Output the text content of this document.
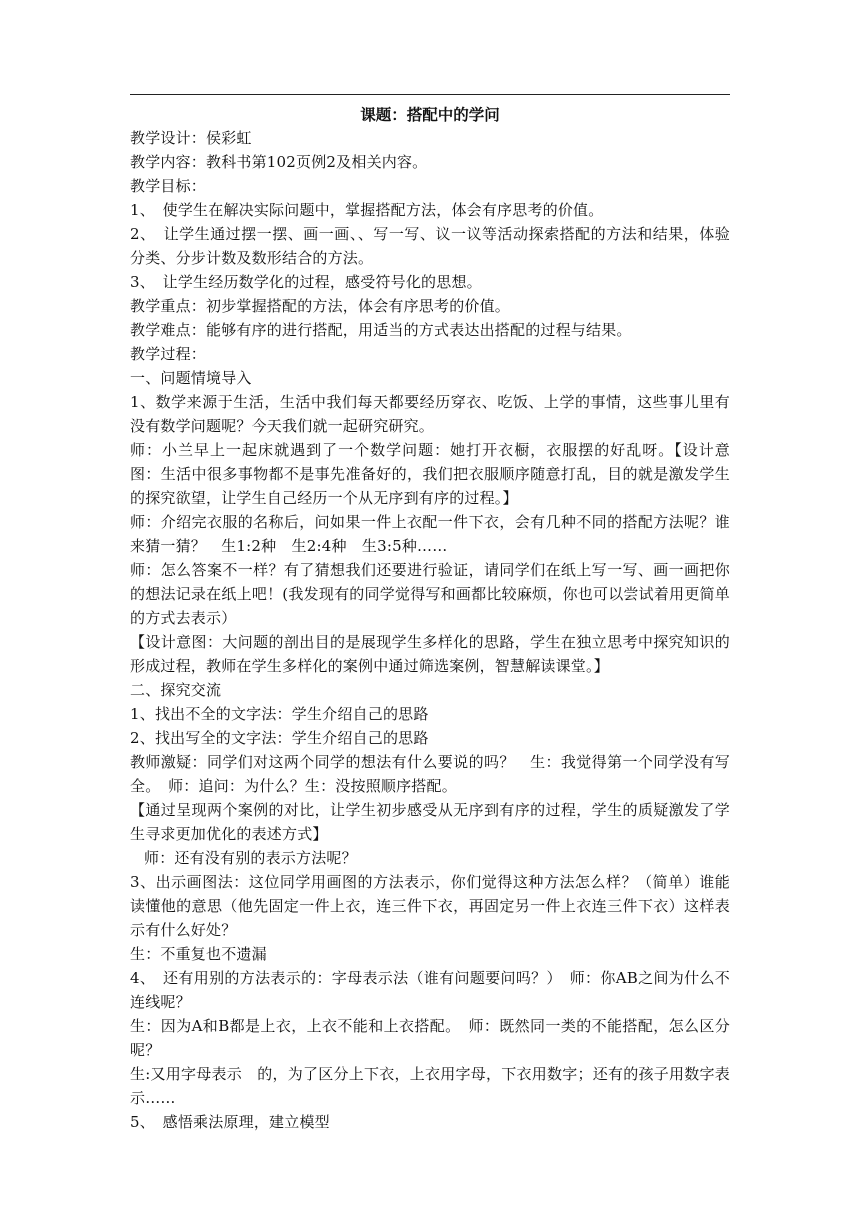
课题：搭配中的学问

教学设计：侯彩虹

教学内容：教科书第102页例2及相关内容。

教学目标：

1、　使学生在解决实际问题中，掌握搭配方法，体会有序思考的价值。

2、　让学生通过摆一摆、画一画、、写一写、议一议等活动探索搭配的方法和结果，体验分类、分步计数及数形结合的方法。

3、　让学生经历数学化的过程，感受符号化的思想。

教学重点：初步掌握搭配的方法，体会有序思考的价值。

教学难点：能够有序的进行搭配，用适当的方式表达出搭配的过程与结果。

教学过程：

一、问题情境导入

1、数学来源于生活，生活中我们每天都要经历穿衣、吃饭、上学的事情，这些事儿里有没有数学问题呢？今天我们就一起研究研究。

师：小兰早上一起床就遇到了一个数学问题：她打开衣橱，衣服摆的好乱呀。【设计意图：生活中很多事物都不是事先准备好的，我们把衣服顺序随意打乱，目的就是激发学生的探究欲望，让学生自己经历一个从无序到有序的过程。】

师：介绍完衣服的名称后，问如果一件上衣配一件下衣，会有几种不同的搭配方法呢？谁来猜一猜？　生1:2种　生2:4种　生3:5种……

师：怎么答案不一样？有了猜想我们还要进行验证，请同学们在纸上写一写、画一画把你的想法记录在纸上吧！(我发现有的同学觉得写和画都比较麻烦，你也可以尝试着用更简单的方式去表示）

【设计意图：大问题的剖出目的是展现学生多样化的思路，学生在独立思考中探究知识的形成过程，教师在学生多样化的案例中通过筛选案例，智慧解读课堂。】

二、探究交流

1、找出不全的文字法：学生介绍自己的思路

2、找出写全的文字法：学生介绍自己的思路

教师激疑：同学们对这两个同学的想法有什么要说的吗？　生：我觉得第一个同学没有写全。　师：追问：为什么？生：没按照顺序搭配。

【通过呈现两个案例的对比，让学生初步感受从无序到有序的过程，学生的质疑激发了学生寻求更加优化的表述方式】

师：还有没有别的表示方法呢？

3、出示画图法：这位同学用画图的方法表示，你们觉得这种方法怎么样？（简单）谁能读懂他的意思（他先固定一件上衣，连三件下衣，再固定另一件上衣连三件下衣）这样表示有什么好处？

生：不重复也不遗漏

4、　还有用别的方法表示的：字母表示法（谁有问题要问吗？）　师：你AB之间为什么不连线呢？

生：因为A和B都是上衣，上衣不能和上衣搭配。　师：既然同一类的不能搭配，怎么区分呢？

生:又用字母表示　的，为了区分上下衣，上衣用字母，下衣用数字；还有的孩子用数字表示……

5、　感悟乘法原理，建立模型
